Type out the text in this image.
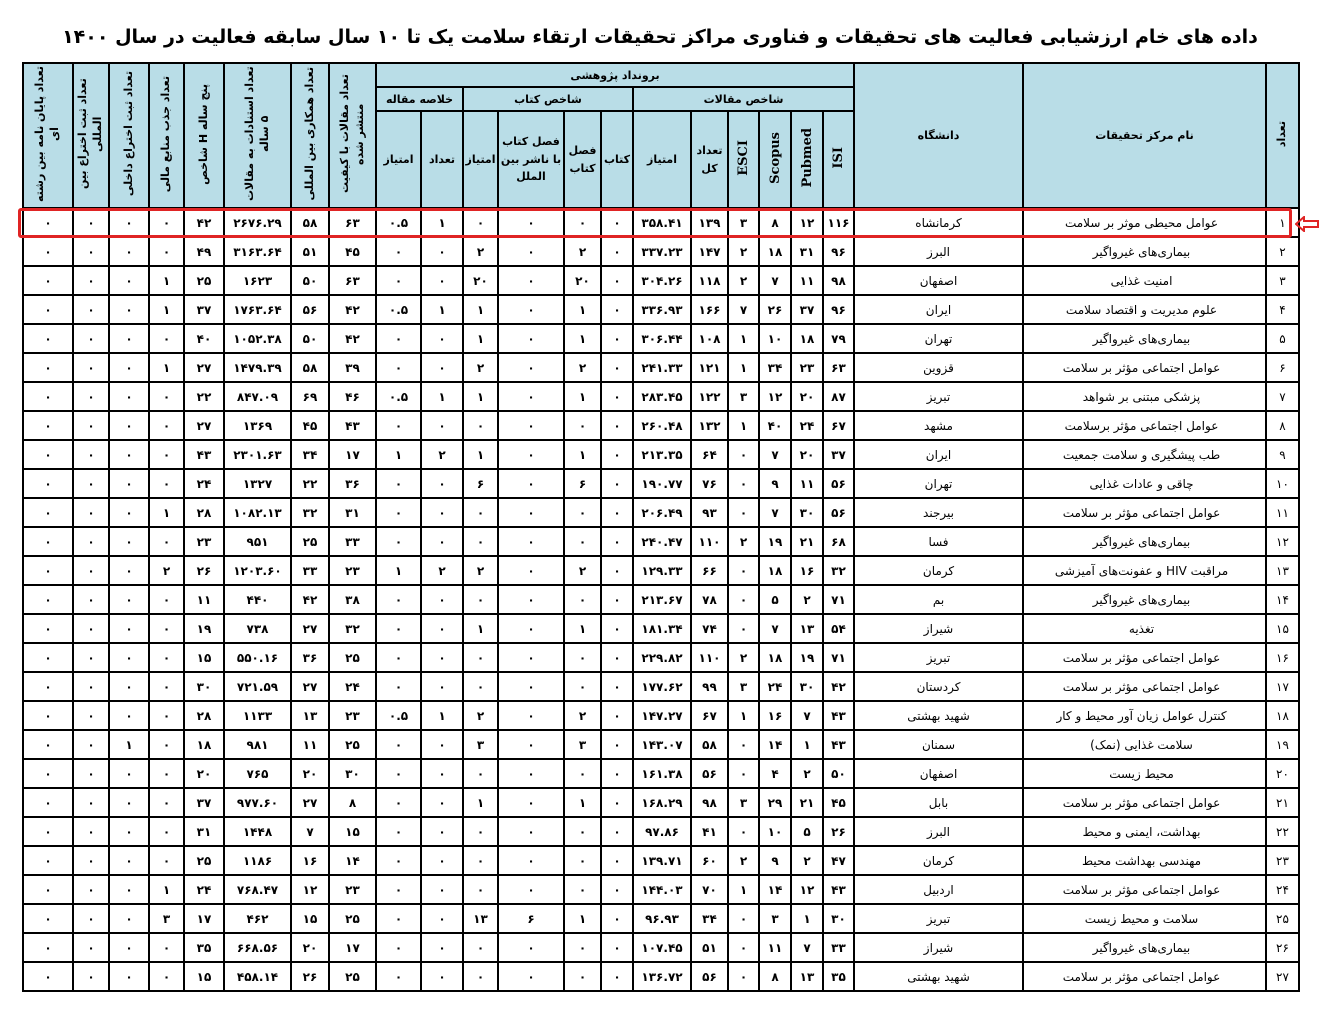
داده های خام ارزشیابی فعالیت های تحقیقات و فناوری مراکز تحقیقات ارتقاء سلامت یک تا ۱۰ سال سابقه فعالیت در سال ۱۴۰۰
تعداد پایان نامه بین رشته ای	تعداد ثبت اختراع بین المللی	تعداد ثبت اختراع داخلی	تعداد جذب منابع مالی	شاخص H پنج ساله	تعداد استنادات به مقالات ۵ ساله	تعداد همکاری بین المللی	تعداد مقالات با کیفیت منتشر شده	برونداد پژوهشی												دانشگاه	نام مرکز تحقیقات	تعداد
								خلاصه مقاله		شاخص کتاب				شاخص مقالات								
								امتیاز	تعداد	امتیاز	فصل کتاب با ناشر بین الملل	فصل کتاب	کتاب	امتیاز	تعداد کل	ESCI	Scopus	Pubmed	ISI			
۰	۰	۰	۰	۴۲	۲۶۷۶.۲۹	۵۸	۶۳	۰.۵	۱	۰	۰	۰	۰	۳۵۸.۴۱	۱۳۹	۳	۸	۱۲	۱۱۶	کرمانشاه	عوامل محیطی موثر بر سلامت	۱
۰	۰	۰	۰	۴۹	۳۱۶۳.۶۴	۵۱	۴۵	۰	۰	۲	۰	۲	۰	۳۳۷.۲۳	۱۴۷	۲	۱۸	۳۱	۹۶	البرز	بیماری‌های غیرواگیر	۲
۰	۰	۰	۱	۲۵	۱۶۲۳	۵۰	۶۳	۰	۰	۲۰	۰	۲۰	۰	۳۰۴.۲۶	۱۱۸	۲	۷	۱۱	۹۸	اصفهان	امنیت غذایی	۳
۰	۰	۰	۱	۳۷	۱۷۶۳.۶۴	۵۶	۴۲	۰.۵	۱	۱	۰	۱	۰	۳۳۶.۹۳	۱۶۶	۷	۲۶	۳۷	۹۶	ایران	علوم مدیریت و اقتصاد سلامت	۴
۰	۰	۰	۰	۴۰	۱۰۵۲.۳۸	۵۰	۴۲	۰	۰	۱	۰	۱	۰	۳۰۶.۴۴	۱۰۸	۱	۱۰	۱۸	۷۹	تهران	بیماری‌های غیرواگیر	۵
۰	۰	۰	۱	۲۷	۱۴۷۹.۳۹	۵۸	۳۹	۰	۰	۲	۰	۲	۰	۲۴۱.۳۳	۱۲۱	۱	۳۴	۲۳	۶۳	قزوین	عوامل اجتماعی مؤثر بر سلامت	۶
۰	۰	۰	۰	۲۲	۸۴۷.۰۹	۶۹	۴۶	۰.۵	۱	۱	۰	۱	۰	۲۸۳.۴۵	۱۲۲	۳	۱۲	۲۰	۸۷	تبریز	پزشکی مبتنی بر شواهد	۷
۰	۰	۰	۰	۲۷	۱۳۶۹	۴۵	۴۳	۰	۰	۰	۰	۰	۰	۲۶۰.۴۸	۱۳۲	۱	۴۰	۲۴	۶۷	مشهد	عوامل اجتماعی مؤثر برسلامت	۸
۰	۰	۰	۰	۴۳	۲۳۰۱.۶۳	۳۴	۱۷	۱	۲	۱	۰	۱	۰	۲۱۳.۳۵	۶۴	۰	۷	۲۰	۳۷	ایران	طب پیشگیری و سلامت جمعیت	۹
۰	۰	۰	۰	۲۴	۱۳۲۷	۲۲	۳۶	۰	۰	۶	۰	۶	۰	۱۹۰.۷۷	۷۶	۰	۹	۱۱	۵۶	تهران	چاقی و عادات غذایی	۱۰
۰	۰	۰	۱	۲۸	۱۰۸۲.۱۳	۳۲	۳۱	۰	۰	۰	۰	۰	۰	۲۰۶.۴۹	۹۳	۰	۷	۳۰	۵۶	بیرجند	عوامل اجتماعی مؤثر بر سلامت	۱۱
۰	۰	۰	۰	۲۳	۹۵۱	۲۵	۳۳	۰	۰	۰	۰	۰	۰	۲۴۰.۴۷	۱۱۰	۲	۱۹	۲۱	۶۸	فسا	بیماری‌های غیرواگیر	۱۲
۰	۰	۰	۲	۲۶	۱۲۰۳.۶۰	۳۳	۲۳	۱	۲	۲	۰	۲	۰	۱۲۹.۳۳	۶۶	۰	۱۸	۱۶	۳۲	کرمان	مراقبت HIV و عفونت‌های آمیزشی	۱۳
۰	۰	۰	۰	۱۱	۴۴۰	۴۲	۳۸	۰	۰	۰	۰	۰	۰	۲۱۳.۶۷	۷۸	۰	۵	۲	۷۱	بم	بیماری‌های غیرواگیر	۱۴
۰	۰	۰	۰	۱۹	۷۳۸	۲۷	۳۲	۰	۰	۱	۰	۱	۰	۱۸۱.۳۴	۷۴	۰	۷	۱۳	۵۴	شیراز	تغذیه	۱۵
۰	۰	۰	۰	۱۵	۵۵۰.۱۶	۳۶	۲۵	۰	۰	۰	۰	۰	۰	۲۲۹.۸۲	۱۱۰	۲	۱۸	۱۹	۷۱	تبریز	عوامل اجتماعی مؤثر بر سلامت	۱۶
۰	۰	۰	۰	۳۰	۷۲۱.۵۹	۲۷	۲۴	۰	۰	۰	۰	۰	۰	۱۷۷.۶۲	۹۹	۳	۲۴	۳۰	۴۲	کردستان	عوامل اجتماعی مؤثر بر سلامت	۱۷
۰	۰	۰	۰	۲۸	۱۱۳۳	۱۳	۲۳	۰.۵	۱	۲	۰	۲	۰	۱۴۷.۲۷	۶۷	۱	۱۶	۷	۴۳	شهید بهشتی	کنترل عوامل زیان آور محیط و کار	۱۸
۰	۰	۱	۰	۱۸	۹۸۱	۱۱	۲۵	۰	۰	۳	۰	۳	۰	۱۴۳.۰۷	۵۸	۰	۱۴	۱	۴۳	سمنان	سلامت غذایی (نمک)	۱۹
۰	۰	۰	۰	۲۰	۷۶۵	۲۰	۳۰	۰	۰	۰	۰	۰	۰	۱۶۱.۳۸	۵۶	۰	۴	۲	۵۰	اصفهان	محیط زیست	۲۰
۰	۰	۰	۰	۳۷	۹۷۷.۶۰	۲۷	۸	۰	۰	۱	۰	۱	۰	۱۶۸.۲۹	۹۸	۳	۲۹	۲۱	۴۵	بابل	عوامل اجتماعی مؤثر بر سلامت	۲۱
۰	۰	۰	۰	۳۱	۱۴۴۸	۷	۱۵	۰	۰	۰	۰	۰	۰	۹۷.۸۶	۴۱	۰	۱۰	۵	۲۶	البرز	بهداشت، ایمنی و محیط	۲۲
۰	۰	۰	۰	۲۵	۱۱۸۶	۱۶	۱۴	۰	۰	۰	۰	۰	۰	۱۳۹.۷۱	۶۰	۲	۹	۲	۴۷	کرمان	مهندسی بهداشت محیط	۲۳
۰	۰	۰	۱	۲۴	۷۶۸.۴۷	۱۲	۲۳	۰	۰	۰	۰	۰	۰	۱۴۴.۰۳	۷۰	۱	۱۴	۱۲	۴۳	اردبیل	عوامل اجتماعی مؤثر بر سلامت	۲۴
۰	۰	۰	۳	۱۷	۴۶۲	۱۵	۲۵	۰	۰	۱۳	۶	۱	۰	۹۶.۹۳	۳۴	۰	۳	۱	۳۰	تبریز	سلامت و محیط زیست	۲۵
۰	۰	۰	۰	۳۵	۶۶۸.۵۶	۲۰	۱۷	۰	۰	۰	۰	۰	۰	۱۰۷.۴۵	۵۱	۰	۱۱	۷	۳۳	شیراز	بیماری‌های غیرواگیر	۲۶
۰	۰	۰	۰	۱۵	۴۵۸.۱۴	۲۶	۲۵	۰	۰	۰	۰	۰	۰	۱۳۶.۷۲	۵۶	۰	۸	۱۳	۳۵	شهید بهشتی	عوامل اجتماعی مؤثر بر سلامت	۲۷
